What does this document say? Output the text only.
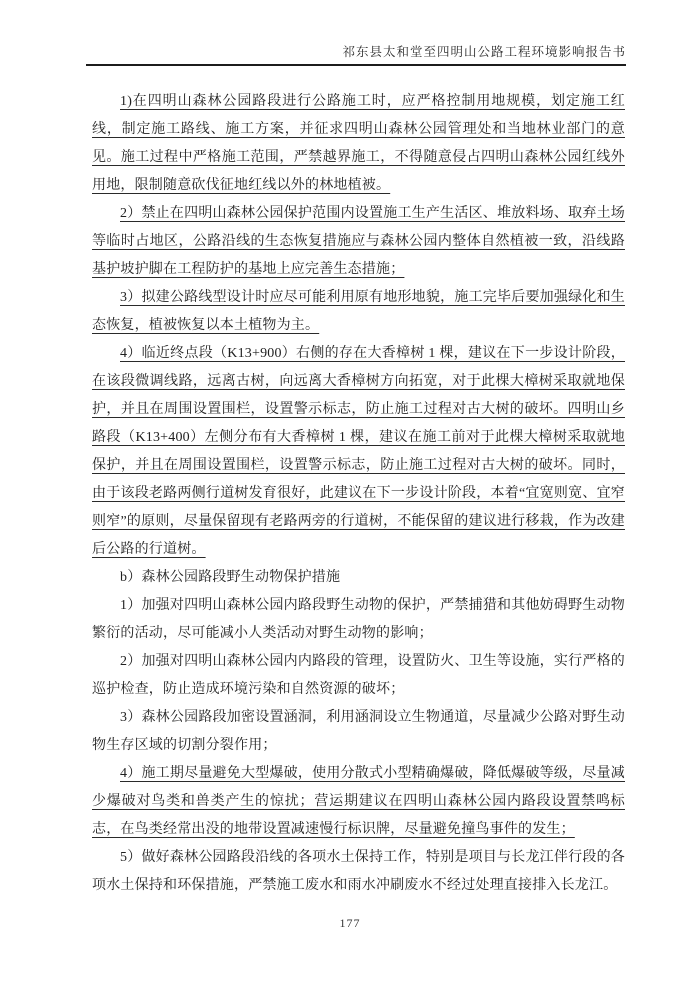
祁东县太和堂至四明山公路工程环境影响报告书

1)在四明山森林公园路段进行公路施工时，应严格控制用地规模，划定施工红线，制定施工路线、施工方案，并征求四明山森林公园管理处和当地林业部门的意见。施工过程中严格施工范围，严禁越界施工，不得随意侵占四明山森林公园红线外用地，限制随意砍伐征地红线以外的林地植被。

2）禁止在四明山森林公园保护范围内设置施工生产生活区、堆放料场、取弃土场等临时占地区，公路沿线的生态恢复措施应与森林公园内整体自然植被一致，沿线路基护坡护脚在工程防护的基地上应完善生态措施；

3）拟建公路线型设计时应尽可能利用原有地形地貌，施工完毕后要加强绿化和生态恢复，植被恢复以本土植物为主。

4）临近终点段（K13+900）右侧的存在大香樟树 1 棵，建议在下一步设计阶段，在该段微调线路，远离古树，向远离大香樟树方向拓宽，对于此棵大樟树采取就地保护，并且在周围设置围栏，设置警示标志，防止施工过程对古大树的破坏。四明山乡路段（K13+400）左侧分布有大香樟树 1 棵，建议在施工前对于此棵大樟树采取就地保护，并且在周围设置围栏，设置警示标志，防止施工过程对古大树的破坏。同时，由于该段老路两侧行道树发育很好，此建议在下一步设计阶段，本着“宜宽则宽、宜窄则窄”的原则，尽量保留现有老路两旁的行道树，不能保留的建议进行移栽，作为改建后公路的行道树。

b）森林公园路段野生动物保护措施

1）加强对四明山森林公园内路段野生动物的保护，严禁捕猎和其他妨碍野生动物繁衍的活动，尽可能减小人类活动对野生动物的影响；

2）加强对四明山森林公园内内路段的管理，设置防火、卫生等设施，实行严格的巡护检查，防止造成环境污染和自然资源的破坏；

3）森林公园路段加密设置涵洞，利用涵洞设立生物通道，尽量减少公路对野生动物生存区域的切割分裂作用；

4）施工期尽量避免大型爆破，使用分散式小型精确爆破，降低爆破等级，尽量减少爆破对鸟类和兽类产生的惊扰；营运期建议在四明山森林公园内路段设置禁鸣标志，在鸟类经常出没的地带设置减速慢行标识牌，尽量避免撞鸟事件的发生；

5）做好森林公园路段沿线的各项水土保持工作，特别是项目与长龙江伴行段的各项水土保持和环保措施，严禁施工废水和雨水冲刷废水不经过处理直接排入长龙江。

177
